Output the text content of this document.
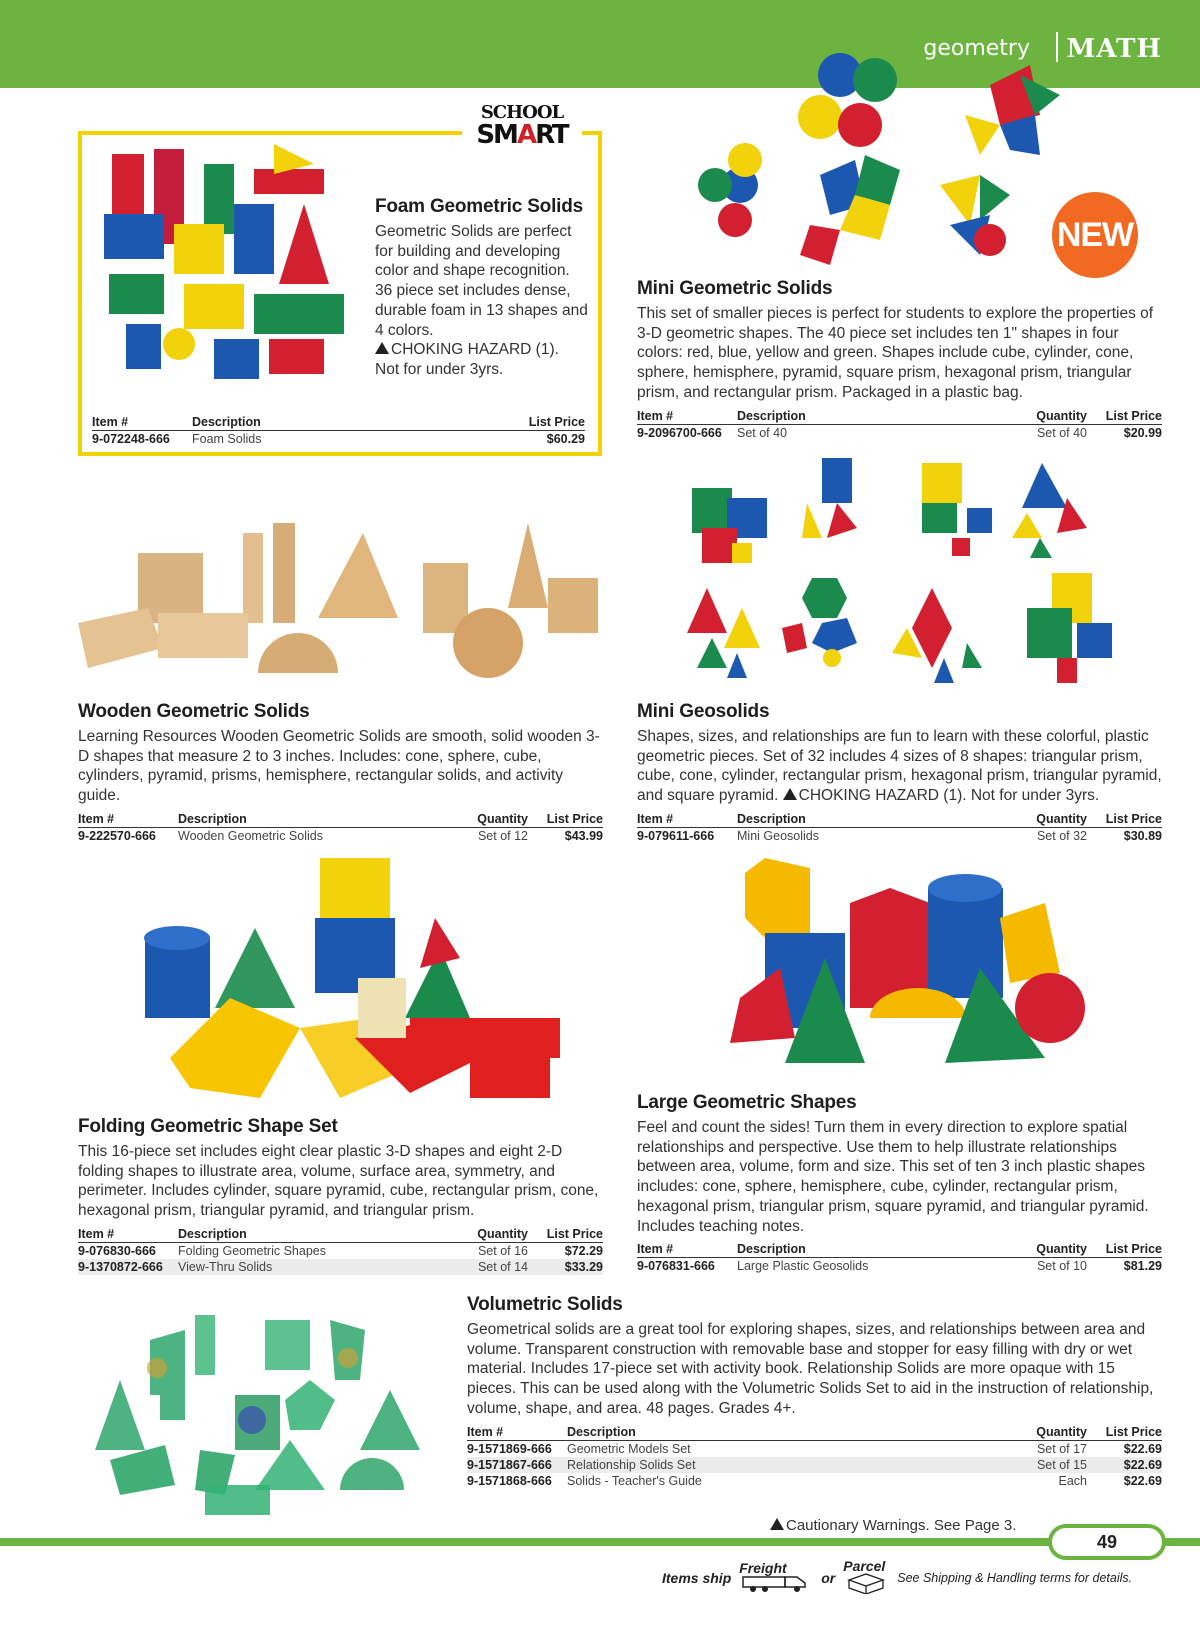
geometry MATH
SCHOOL
SMART
Foam Geometric Solids
Geometric Solids are perfect for building and developing color and shape recognition. 36 piece set includes dense, durable foam in 13 shapes and 4 colors.
CHOKING HAZARD (1).
Not for under 3yrs.
Item #	Description	List Price
9-072248-666	Foam Solids	$60.29
NEW
Mini Geometric Solids
This set of smaller pieces is perfect for students to explore the properties of 3-D geometric shapes. The 40 piece set includes ten 1" shapes in four colors: red, blue, yellow and green. Shapes include cube, cylinder, cone, sphere, hemisphere, pyramid, square prism, hexagonal prism, triangular prism, and rectangular prism. Packaged in a plastic bag.
Item #	Description	Quantity	List Price
9-2096700-666	Set of 40	Set of 40	$20.99
Wooden Geometric Solids
Learning Resources Wooden Geometric Solids are smooth, solid wooden 3-D shapes that measure 2 to 3 inches. Includes: cone, sphere, cube, cylinders, pyramid, prisms, hemisphere, rectangular solids, and activity guide.
Item #	Description	Quantity	List Price
9-222570-666	Wooden Geometric Solids	Set of 12	$43.99
Mini Geosolids
Shapes, sizes, and relationships are fun to learn with these colorful, plastic geometric pieces. Set of 32 includes 4 sizes of 8 shapes: triangular prism, cube, cone, cylinder, rectangular prism, hexagonal prism, triangular pyramid, and square pyramid. CHOKING HAZARD (1). Not for under 3yrs.
Item #	Description	Quantity	List Price
9-079611-666	Mini Geosolids	Set of 32	$30.89
Folding Geometric Shape Set
This 16-piece set includes eight clear plastic 3-D shapes and eight 2-D folding shapes to illustrate area, volume, surface area, symmetry, and perimeter. Includes cylinder, square pyramid, cube, rectangular prism, cone, hexagonal prism, triangular pyramid, and triangular prism.
Item #	Description	Quantity	List Price
9-076830-666	Folding Geometric Shapes	Set of 16	$72.29
9-1370872-666	View-Thru Solids	Set of 14	$33.29
Large Geometric Shapes
Feel and count the sides! Turn them in every direction to explore spatial relationships and perspective. Use them to help illustrate relationships between area, volume, form and size. This set of ten 3 inch plastic shapes includes: cone, sphere, hemisphere, cube, cylinder, rectangular prism, hexagonal prism, triangular prism, square pyramid, and triangular pyramid. Includes teaching notes.
Item #	Description	Quantity	List Price
9-076831-666	Large Plastic Geosolids	Set of 10	$81.29
Volumetric Solids
Geometrical solids are a great tool for exploring shapes, sizes, and relationships between area and volume. Transparent construction with removable base and stopper for easy filling with dry or wet material. Includes 17-piece set with activity book. Relationship Solids are more opaque with 15 pieces. This can be used along with the Volumetric Solids Set to aid in the instruction of relationship, volume, shape, and area. 48 pages. Grades 4+.
Item #	Description	Quantity	List Price
9-1571869-666	Geometric Models Set	Set of 17	$22.69
9-1571867-666	Relationship Solids Set	Set of 15	$22.69
9-1571868-666	Solids - Teacher's Guide	Each	$22.69
Cautionary Warnings. See Page 3.
49
Items ship
Freight
or
Parcel
See Shipping & Handling terms for details.
